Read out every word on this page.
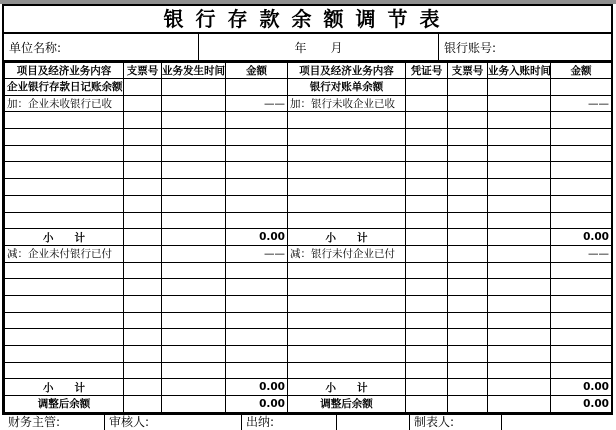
银行存款余额调节表
单位名称:	年　　月	银行账号:
项目及经济业务内容	支票号	业务发生时间	金额	项目及经济业务内容	凭证号	支票号	业务入账时间	金额
企业银行存款日记账余额				银行对账单余额				
加：企业未收银行已收			——	加：银行未收企业已收				——

小　　计			0.00	小　　计				0.00
减：企业未付银行已付			——	减：银行未付企业已付				——

小　　计			0.00	小　　计				0.00
调整后余额			0.00	调整后余额				0.00
财务主管:	审核人:	出纳:	制表人:
